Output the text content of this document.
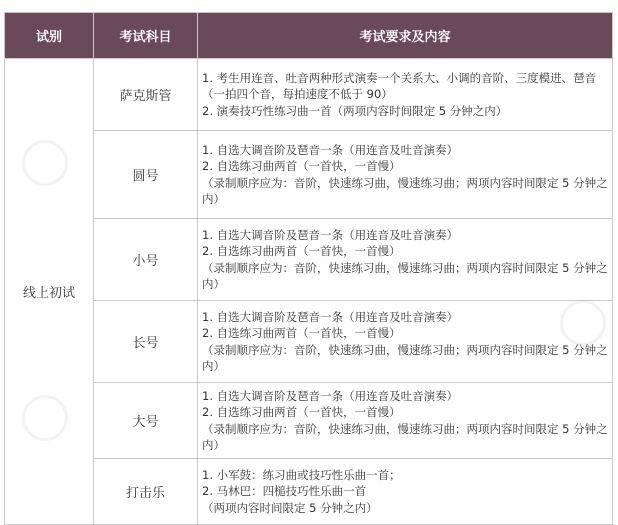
试别	考试科目	考试要求及内容
线上初试	萨克斯管	1. 考生用连音、吐音两种形式演奏一个关系大、小调的音阶、三度模进、琶音（一拍四个音，每拍速度不低于 90）
2. 演奏技巧性练习曲一首（两项内容时间限定 5 分钟之内）

	圆号	1. 自选大调音阶及琶音一条（用连音及吐音演奏）
2. 自选练习曲两首（一首快，一首慢）
（录制顺序应为：音阶，快速练习曲，慢速练习曲；两项内容时间限定 5 分钟之内）

	小号	1. 自选大调音阶及琶音一条（用连音及吐音演奏）
2. 自选练习曲两首（一首快，一首慢）
（录制顺序应为：音阶，快速练习曲，慢速练习曲；两项内容时间限定 5 分钟之内）

	长号	1. 自选大调音阶及琶音一条（用连音及吐音演奏）
2. 自选练习曲两首（一首快，一首慢）
（录制顺序应为：音阶，快速练习曲，慢速练习曲；两项内容时间限定 5 分钟之内）

	大号	1. 自选大调音阶及琶音一条（用连音及吐音演奏）
2. 自选练习曲两首（一首快，一首慢）
（录制顺序应为：音阶，快速练习曲，慢速练习曲；两项内容时间限定 5 分钟之内）

	打击乐	1. 小军鼓：练习曲或技巧性乐曲一首；
2. 马林巴：四槌技巧性乐曲一首
（两项内容时间限定 5 分钟之内）
